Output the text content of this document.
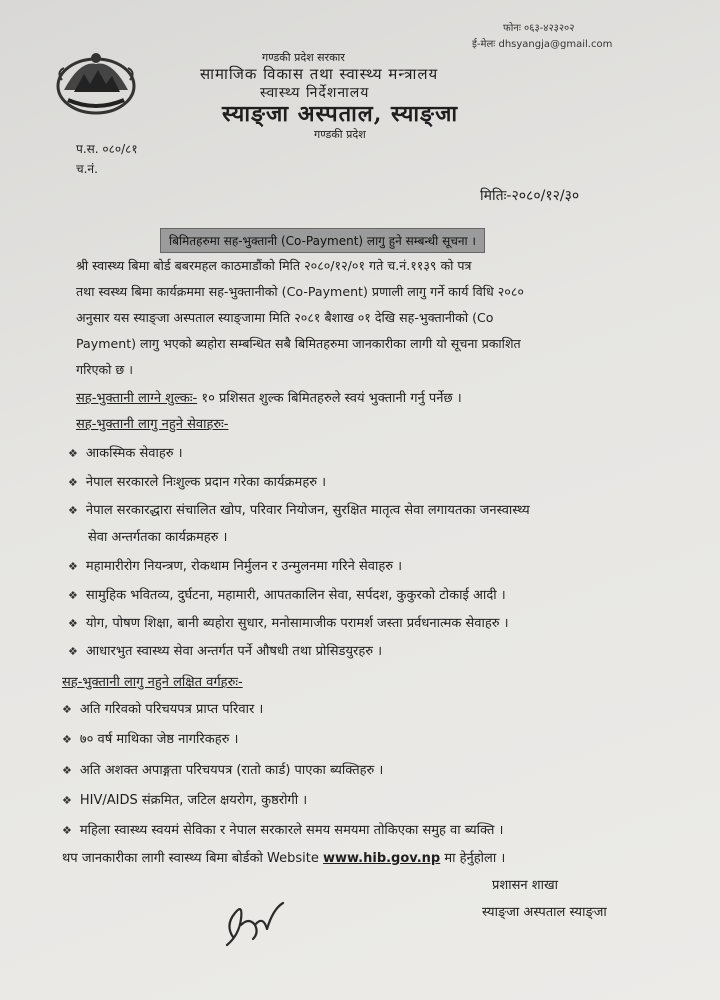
फोनः ०६३-४२३२०२
ई-मेलः dhsyangja@gmail.com
गण्डकी प्रदेश सरकार
सामाजिक विकास तथा स्वास्थ्य मन्त्रालय
स्वास्थ्य निर्देशनालय
स्याङ्जा अस्पताल, स्याङ्जा
गण्डकी प्रदेश
प.स. ०८०/८१
च.नं.
मितिः-२०८०/१२/३०
बिमितहरुमा सह-भुक्तानी (Co-Payment) लागु हुने सम्बन्धी सूचना ।
श्री स्वास्थ्य बिमा बोर्ड बबरमहल काठमाडौंको मिति २०८०/१२/०१ गते च.नं.११३९ को पत्र
तथा स्वस्थ्य बिमा कार्यक्रममा सह-भुक्तानीको (Co-Payment) प्रणाली लागु गर्ने कार्य विधि २०८०
अनुसार यस स्याङ्जा अस्पताल स्याङ्जामा मिति २०८१ बैशाख ०१ देखि सह-भुक्तानीको (Co
Payment) लागु भएको ब्यहोरा सम्बन्धित सबै बिमितहरुमा जानकारीका लागी यो सूचना प्रकाशित
गरिएको छ ।
सह-भुक्तानी लाग्ने शुल्कः- १० प्रशिसत शुल्क बिमितहरुले स्वयं भुक्तानी गर्नु पर्नेछ ।
सह-भुक्तानी लागु नहुने सेवाहरुः-
❖ आकस्मिक सेवाहरु ।
❖ नेपाल सरकारले निःशुल्क प्रदान गरेका कार्यक्रमहरु ।
❖ नेपाल सरकारद्धारा संचालित खोप, परिवार नियोजन, सुरक्षित मातृत्व सेवा लगायतका जनस्वास्थ्य
सेवा अन्तर्गतका कार्यक्रमहरु ।
❖ महामारीरोग नियन्त्रण, रोकथाम निर्मुलन र उन्मुलनमा गरिने सेवाहरु ।
❖ सामुहिक भवितव्य, दुर्घटना, महामारी, आपतकालिन सेवा, सर्पदश, कुकुरको टोकाई आदी ।
❖ योग, पोषण शिक्षा, बानी ब्यहोरा सुधार, मनोसामाजीक परामर्श जस्ता प्रर्वधनात्मक सेवाहरु ।
❖ आधारभुत स्वास्थ्य सेवा अन्तर्गत पर्ने औषधी तथा प्रोसिडयुरहरु ।
सह-भुक्तानी लागु नहुने लक्षित वर्गहरुः-
❖ अति गरिवको परिचयपत्र प्राप्त परिवार ।
❖ ७० वर्ष माथिका जेष्ठ नागरिकहरु ।
❖ अति अशक्त अपाङ्गता परिचयपत्र (रातो कार्ड) पाएका ब्यक्तिहरु ।
❖ HIV/AIDS संक्रमित, जटिल क्षयरोग, कुष्ठरोगी ।
❖ महिला स्वास्थ्य स्वयमं सेविका र नेपाल सरकारले समय समयमा तोकिएका समुह वा ब्यक्ति ।
थप जानकारीका लागी स्वास्थ्य बिमा बोर्डको Website www.hib.gov.np मा हेर्नुहोला ।
प्रशासन शाखा
स्याङ्जा अस्पताल स्याङ्जा
